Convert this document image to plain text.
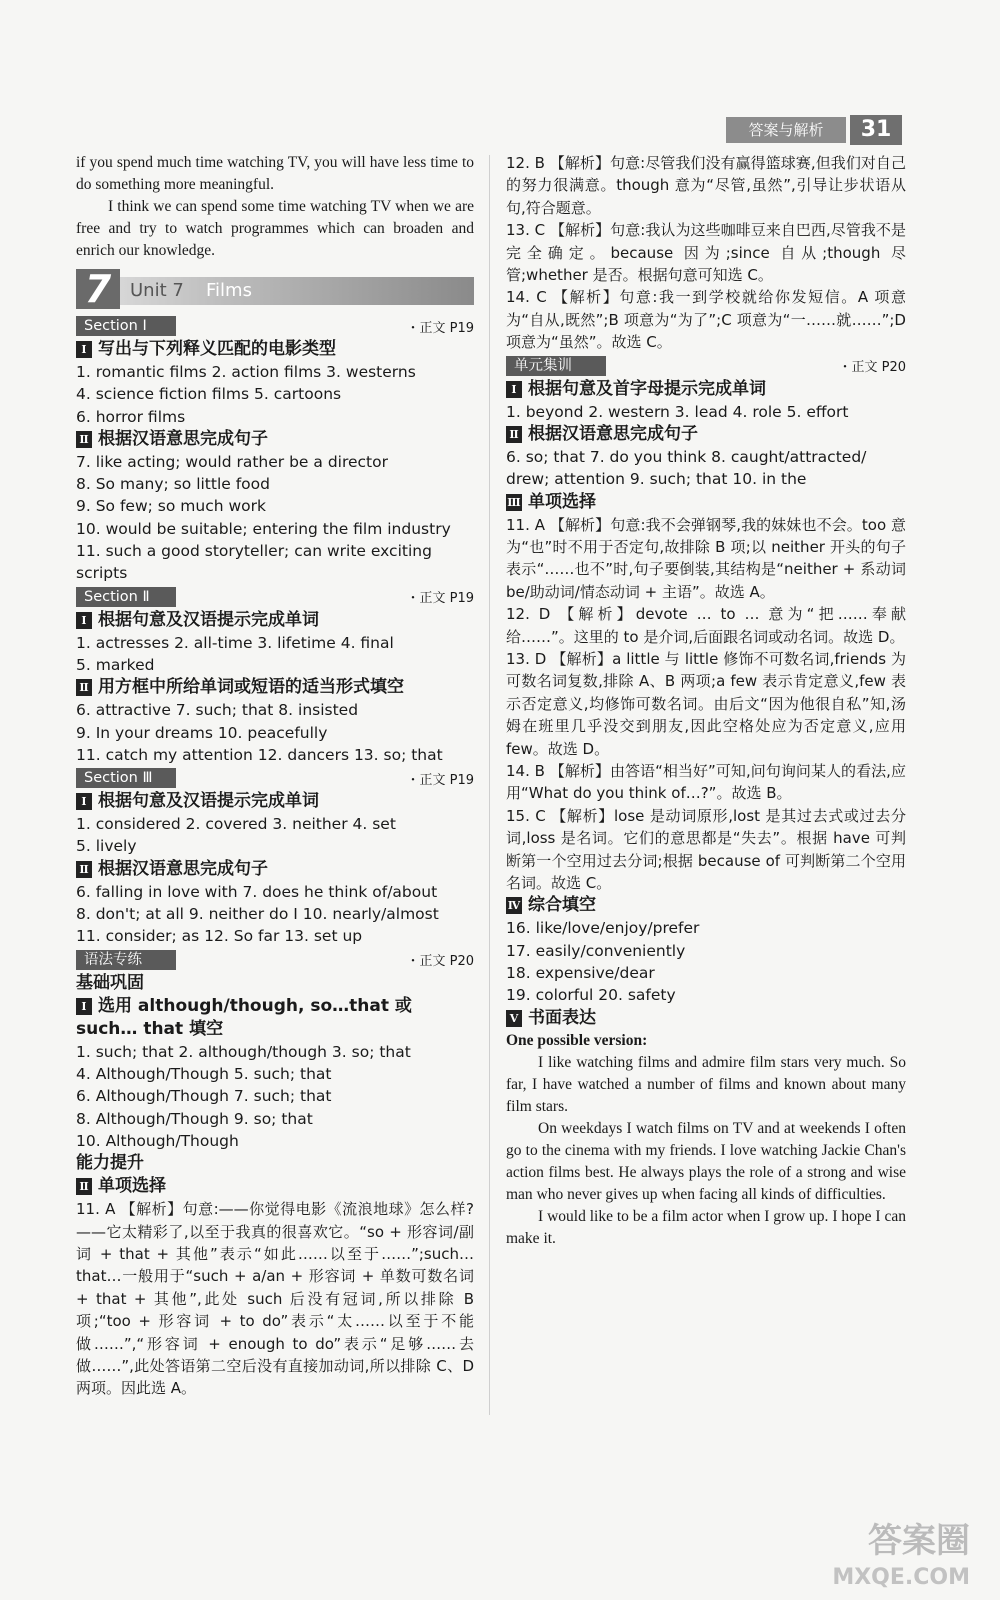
答案与解析	31

if you spend much time watching TV, you will have less time to do something more meaningful.

I think we can spend some time watching TV when we are free and try to watch programmes which can broaden and enrich our knowledge.

7	Unit 7 Films
Section Ⅰ	・正文 P19
Ⅰ 写出与下列释义匹配的电影类型
1. romantic films 2. action films 3. westerns
4. science fiction films 5. cartoons
6. horror films
Ⅱ 根据汉语意思完成句子
7. like acting; would rather be a director
8. So many; so little food
9. So few; so much work
10. would be suitable; entering the film industry
11. such a good storyteller; can write exciting scripts
Section Ⅱ	・正文 P19
Ⅰ 根据句意及汉语提示完成单词
1. actresses 2. all-time 3. lifetime 4. final
5. marked
Ⅱ 用方框中所给单词或短语的适当形式填空
6. attractive 7. such; that 8. insisted
9. In your dreams 10. peacefully
11. catch my attention 12. dancers 13. so; that
Section Ⅲ	・正文 P19
Ⅰ 根据句意及汉语提示完成单词
1. considered 2. covered 3. neither 4. set
5. lively
Ⅱ 根据汉语意思完成句子
6. falling in love with 7. does he think of/about
8. don't; at all 9. neither do I 10. nearly/almost
11. consider; as 12. So far 13. set up
语法专练	・正文 P20
基础巩固
Ⅰ 选用 although/though, so…that 或 such… that 填空
1. such; that 2. although/though 3. so; that
4. Although/Though 5. such; that
6. Although/Though 7. such; that
8. Although/Though 9. so; that
10. Although/Though
能力提升
Ⅱ 单项选择

11. A 【解析】句意:——你觉得电影《流浪地球》怎么样? ——它太精彩了,以至于我真的很喜欢它。“so + 形容词/副词 + that + 其他”表示“如此……以至于……”;such…that…一般用于“such + a/an + 形容词 + 单数可数名词 + that + 其他”,此处 such 后没有冠词,所以排除 B 项;“too + 形容词 + to do”表示“太……以至于不能做……”,“形容词 + enough to do”表示“足够……去做……”,此处答语第二空后没有直接加动词,所以排除 C、D 两项。因此选 A。

12. B 【解析】句意:尽管我们没有赢得篮球赛,但我们对自己的努力很满意。though 意为“尽管,虽然”,引导让步状语从句,符合题意。

13. C 【解析】句意:我认为这些咖啡豆来自巴西,尽管我不是完全确定。because 因为;since 自从;though 尽管;whether 是否。根据句意可知选 C。

14. C 【解析】句意:我一到学校就给你发短信。A 项意为“自从,既然”;B 项意为“为了”;C 项意为“一……就……”;D 项意为“虽然”。故选 C。

单元集训	・正文 P20
Ⅰ 根据句意及首字母提示完成单词
1. beyond 2. western 3. lead 4. role 5. effort
Ⅱ 根据汉语意思完成句子
6. so; that 7. do you think 8. caught/attracted/
drew; attention 9. such; that 10. in the
Ⅲ 单项选择

11. A 【解析】句意:我不会弹钢琴,我的妹妹也不会。too 意为“也”时不用于否定句,故排除 B 项;以 neither 开头的句子表示“……也不”时,句子要倒装,其结构是“neither + 系动词 be/助动词/情态动词 + 主语”。故选 A。

12. D 【解析】devote … to … 意为“把……奉献给……”。这里的 to 是介词,后面跟名词或动名词。故选 D。

13. D 【解析】a little 与 little 修饰不可数名词,friends 为可数名词复数,排除 A、B 两项;a few 表示肯定意义,few 表示否定意义,均修饰可数名词。由后文“因为他很自私”知,汤姆在班里几乎没交到朋友,因此空格处应为否定意义,应用 few。故选 D。

14. B 【解析】由答语“相当好”可知,问句询问某人的看法,应用“What do you think of…?”。故选 B。

15. C 【解析】lose 是动词原形,lost 是其过去式或过去分词,loss 是名词。它们的意思都是“失去”。根据 have 可判断第一个空用过去分词;根据 because of 可判断第二个空用名词。故选 C。

Ⅳ 综合填空
16. like/love/enjoy/prefer
17. easily/conveniently
18. expensive/dear
19. colorful 20. safety
Ⅴ 书面表达

One possible version:

I like watching films and admire film stars very much. So far, I have watched a number of films and known about many film stars.

On weekdays I watch films on TV and at weekends I often go to the cinema with my friends. I love watching Jackie Chan's action films best. He always plays the role of a strong and wise man who never gives up when facing all kinds of difficulties.

I would like to be a film actor when I grow up. I hope I can make it.

答案圈
MXQE.COM
